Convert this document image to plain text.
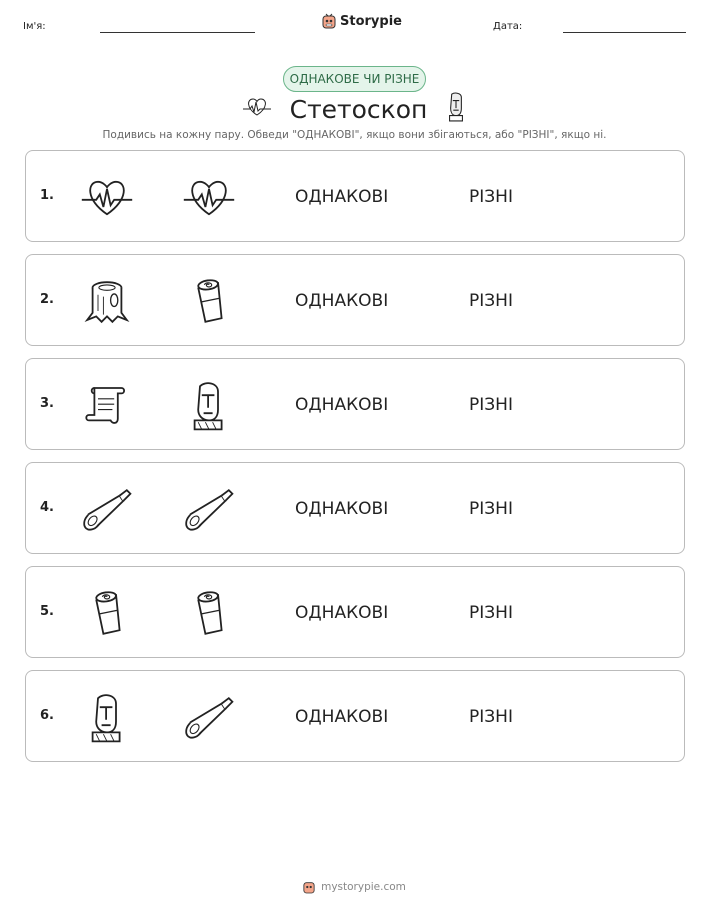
Ім'я:	Storypie	Дата:
ОДНАКОВЕ ЧИ РІЗНЕ
Стетоскоп
Подивись на кожну пару. Обведи "ОДНАКОВІ", якщо вони збігаються, або "РІЗНІ", якщо ні.
1.	ОДНАКОВІ	РІЗНІ
2.	ОДНАКОВІ	РІЗНІ
3.	ОДНАКОВІ	РІЗНІ
4.	ОДНАКОВІ	РІЗНІ
5.	ОДНАКОВІ	РІЗНІ
6.	ОДНАКОВІ	РІЗНІ
mystorypie.com
